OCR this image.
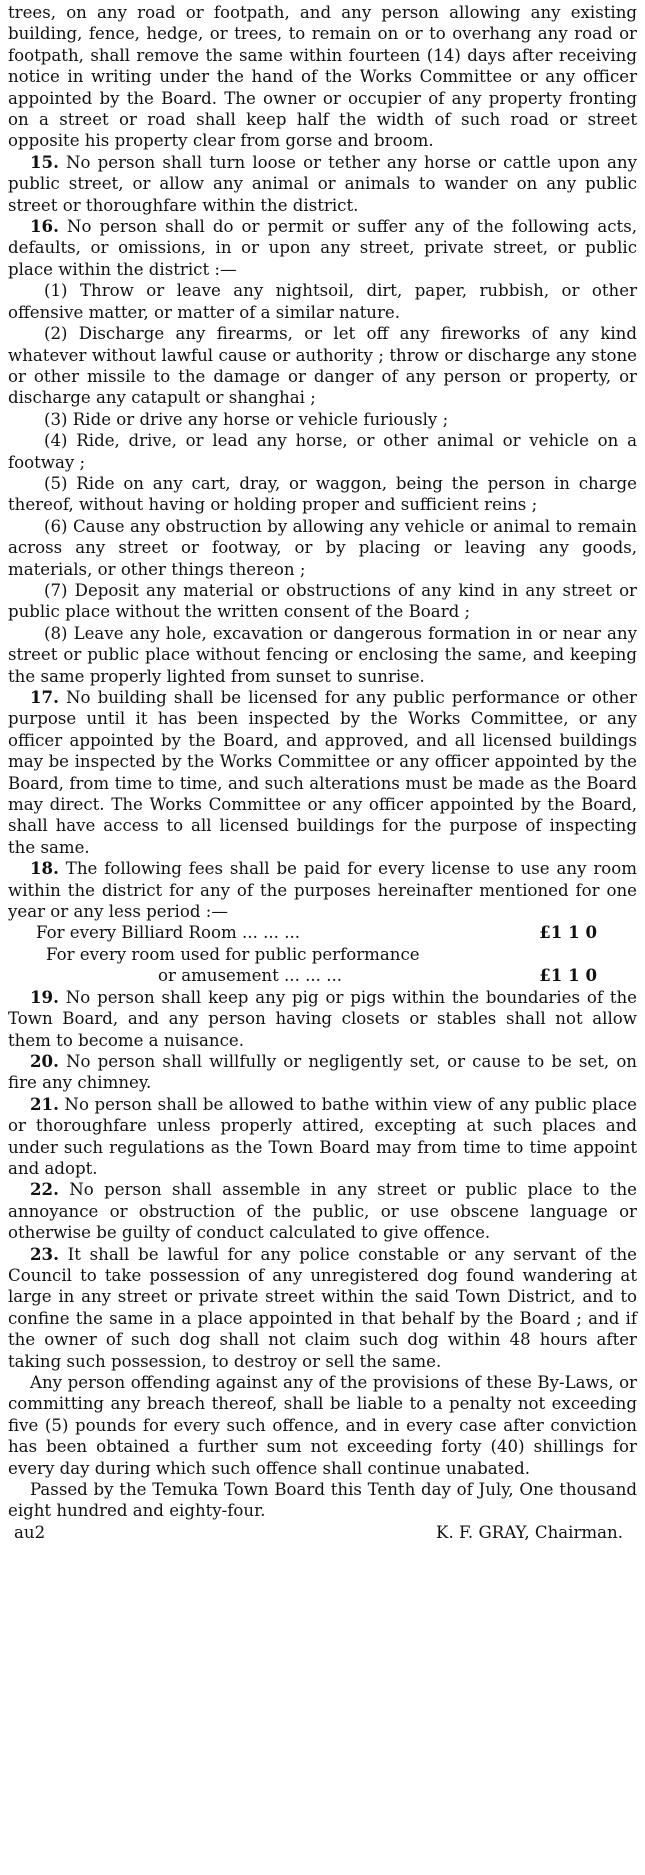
trees, on any road or footpath, and any person allowing any existing building, fence, hedge, or trees, to remain on or to overhang any road or footpath, shall remove the same within fourteen (14) days after receiving notice in writing under the hand of the Works Committee or any officer appointed by the Board. The owner or occupier of any property fronting on a street or road shall keep half the width of such road or street opposite his property clear from gorse and broom.

15. No person shall turn loose or tether any horse or cattle upon any public street, or allow any animal or animals to wander on any public street or thoroughfare within the district.

16. No person shall do or permit or suffer any of the following acts, defaults, or omissions, in or upon any street, private street, or public place within the district :—

(1) Throw or leave any nightsoil, dirt, paper, rubbish, or other offensive matter, or matter of a similar nature.

(2) Discharge any firearms, or let off any fireworks of any kind whatever without lawful cause or authority ; throw or discharge any stone or other missile to the damage or danger of any person or property, or discharge any catapult or shanghai ;

(3) Ride or drive any horse or vehicle furiously ;

(4) Ride, drive, or lead any horse, or other animal or vehicle on a footway ;

(5) Ride on any cart, dray, or waggon, being the person in charge thereof, without having or holding proper and sufficient reins ;

(6) Cause any obstruction by allowing any vehicle or animal to remain across any street or footway, or by placing or leaving any goods, materials, or other things thereon ;

(7) Deposit any material or obstructions of any kind in any street or public place without the written consent of the Board ;

(8) Leave any hole, excavation or dangerous formation in or near any street or public place without fencing or enclosing the same, and keeping the same properly lighted from sunset to sunrise.

17. No building shall be licensed for any public performance or other purpose until it has been inspected by the Works Committee, or any officer appointed by the Board, and approved, and all licensed buildings may be inspected by the Works Committee or any officer appointed by the Board, from time to time, and such alterations must be made as the Board may direct. The Works Committee or any officer appointed by the Board, shall have access to all licensed buildings for the purpose of inspecting the same.

18. The following fees shall be paid for every license to use any room within the district for any of the purposes hereinafter mentioned for one year or any less period :—

For every Billiard Room ... ... ...	£1 1 0
For every room used for public performance
or amusement ... ... ...	£1 1 0

19. No person shall keep any pig or pigs within the boundaries of the Town Board, and any person having closets or stables shall not allow them to become a nuisance.

20. No person shall willfully or negligently set, or cause to be set, on fire any chimney.

21. No person shall be allowed to bathe within view of any public place or thoroughfare unless properly attired, excepting at such places and under such regulations as the Town Board may from time to time appoint and adopt.

22. No person shall assemble in any street or public place to the annoyance or obstruction of the public, or use obscene language or otherwise be guilty of conduct calculated to give offence.

23. It shall be lawful for any police constable or any servant of the Council to take possession of any unregistered dog found wandering at large in any street or private street within the said Town District, and to confine the same in a place appointed in that behalf by the Board ; and if the owner of such dog shall not claim such dog within 48 hours after taking such possession, to destroy or sell the same.

Any person offending against any of the provisions of these By-Laws, or committing any breach thereof, shall be liable to a penalty not exceeding five (5) pounds for every such offence, and in every case after conviction has been obtained a further sum not exceeding forty (40) shillings for every day during which such offence shall continue unabated.

Passed by the Temuka Town Board this Tenth day of July, One thousand eight hundred and eighty-four.

au2	K. F. GRAY, Chairman.
